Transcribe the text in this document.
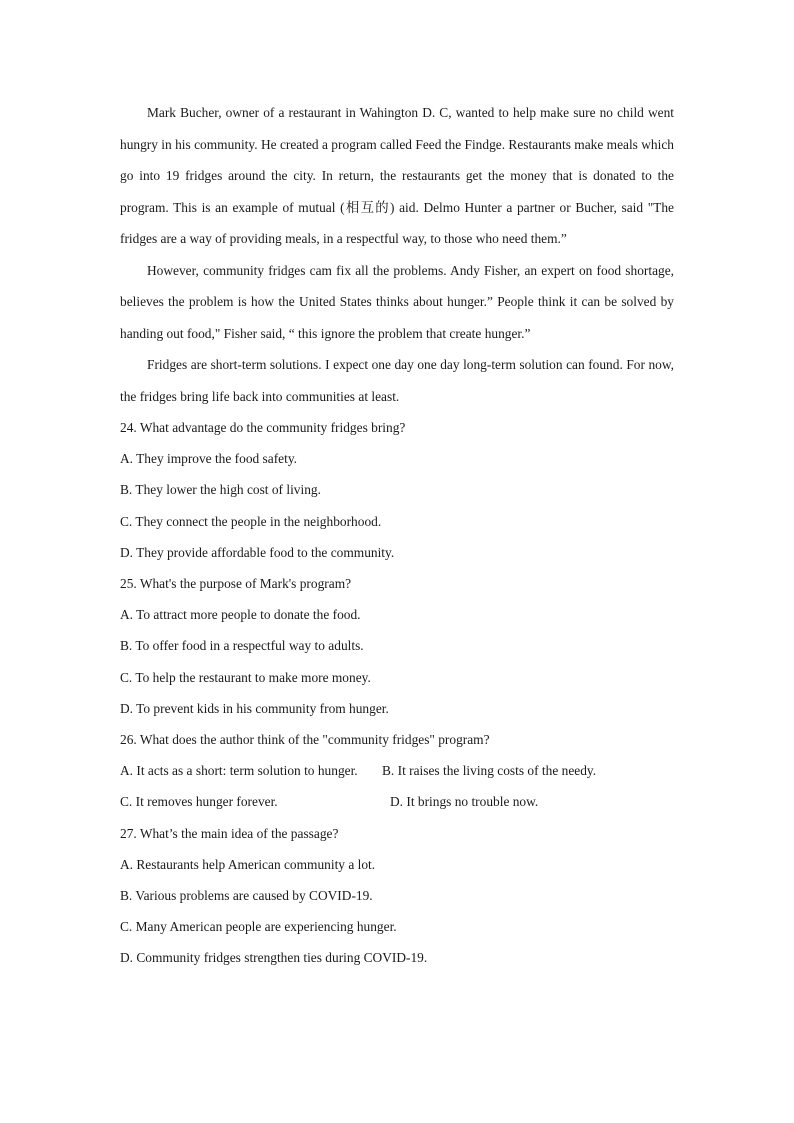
Mark Bucher, owner of a restaurant in Wahington D. C, wanted to help make sure no child went hungry in his community. He created a program called Feed the Findge. Restaurants make meals which go into 19 fridges around the city. In return, the restaurants get the money that is donated to the program. This is an example of mutual (相互的) aid. Delmo Hunter a partner or Bucher, said "The fridges are a way of providing meals, in a respectful way, to those who need them.”

However, community fridges cam fix all the problems. Andy Fisher, an expert on food shortage, believes the problem is how the United States thinks about hunger.” People think it can be solved by handing out food," Fisher said, “ this ignore the problem that create hunger.”

Fridges are short-term solutions. I expect one day one day long-term solution can found. For now, the fridges bring life back into communities at least.

24. What advantage do the community fridges bring?

A. They improve the food safety.

B. They lower the high cost of living.

C. They connect the people in the neighborhood.

D. They provide affordable food to the community.

25. What's the purpose of Mark's program?

A. To attract more people to donate the food.

B. To offer food in a respectful way to adults.

C. To help the restaurant to make more money.

D. To prevent kids in his community from hunger.

26. What does the author think of the "community fridges" program?

A. It acts as a short: term solution to hunger.	B. It raises the living costs of the needy.
C. It removes hunger forever.	D. It brings no trouble now.

27. What’s the main idea of the passage?

A. Restaurants help American community a lot.

B. Various problems are caused by COVID-19.

C. Many American people are experiencing hunger.

D. Community fridges strengthen ties during COVID-19.
